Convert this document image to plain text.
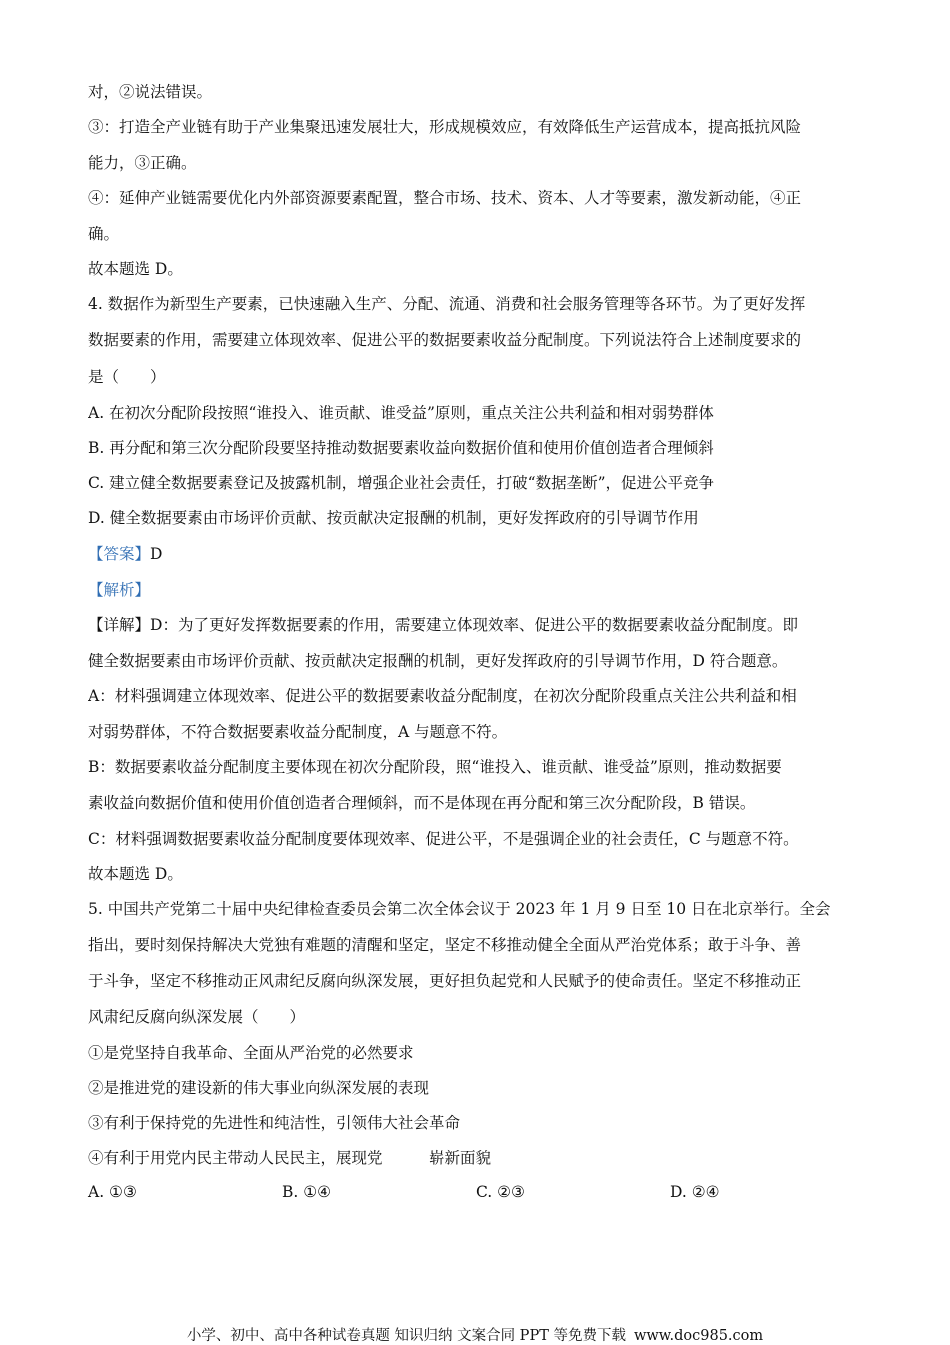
对，②说法错误。
③：打造全产业链有助于产业集聚迅速发展壮大，形成规模效应，有效降低生产运营成本，提高抵抗风险
能力，③正确。
④：延伸产业链需要优化内外部资源要素配置，整合市场、技术、资本、人才等要素，激发新动能，④正
确。
故本题选 D。
4. 数据作为新型生产要素，已快速融入生产、分配、流通、消费和社会服务管理等各环节。为了更好发挥
数据要素的作用，需要建立体现效率、促进公平的数据要素收益分配制度。下列说法符合上述制度要求的
是（　　）
A. 在初次分配阶段按照“谁投入、谁贡献、谁受益”原则，重点关注公共利益和相对弱势群体
B. 再分配和第三次分配阶段要坚持推动数据要素收益向数据价值和使用价值创造者合理倾斜
C. 建立健全数据要素登记及披露机制，增强企业社会责任，打破“数据垄断”，促进公平竞争
D. 健全数据要素由市场评价贡献、按贡献决定报酬的机制，更好发挥政府的引导调节作用
【答案】D
【解析】
【详解】D：为了更好发挥数据要素的作用，需要建立体现效率、促进公平的数据要素收益分配制度。即
健全数据要素由市场评价贡献、按贡献决定报酬的机制，更好发挥政府的引导调节作用，D 符合题意。
A：材料强调建立体现效率、促进公平的数据要素收益分配制度，在初次分配阶段重点关注公共利益和相
对弱势群体，不符合数据要素收益分配制度，A 与题意不符。
B：数据要素收益分配制度主要体现在初次分配阶段，照“谁投入、谁贡献、谁受益”原则，推动数据要
素收益向数据价值和使用价值创造者合理倾斜，而不是体现在再分配和第三次分配阶段，B 错误。
C：材料强调数据要素收益分配制度要体现效率、促进公平，不是强调企业的社会责任，C 与题意不符。
故本题选 D。
5. 中国共产党第二十届中央纪律检查委员会第二次全体会议于 2023 年 1 月 9 日至 10 日在北京举行。全会
指出，要时刻保持解决大党独有难题的清醒和坚定，坚定不移推动健全全面从严治党体系；敢于斗争、善
于斗争，坚定不移推动正风肃纪反腐向纵深发展，更好担负起党和人民赋予的使命责任。坚定不移推动正
风肃纪反腐向纵深发展（　　）
①是党坚持自我革命、全面从严治党的必然要求
②是推进党的建设新的伟大事业向纵深发展的表现
③有利于保持党的先进性和纯洁性，引领伟大社会革命
④有利于用党内民主带动人民民主，展现党　　　崭新面貌
A. ①③	B. ①④	C. ②③	D. ②④
小学、初中、高中各种试卷真题 知识归纳 文案合同 PPT 等免费下载 www.doc985.com
